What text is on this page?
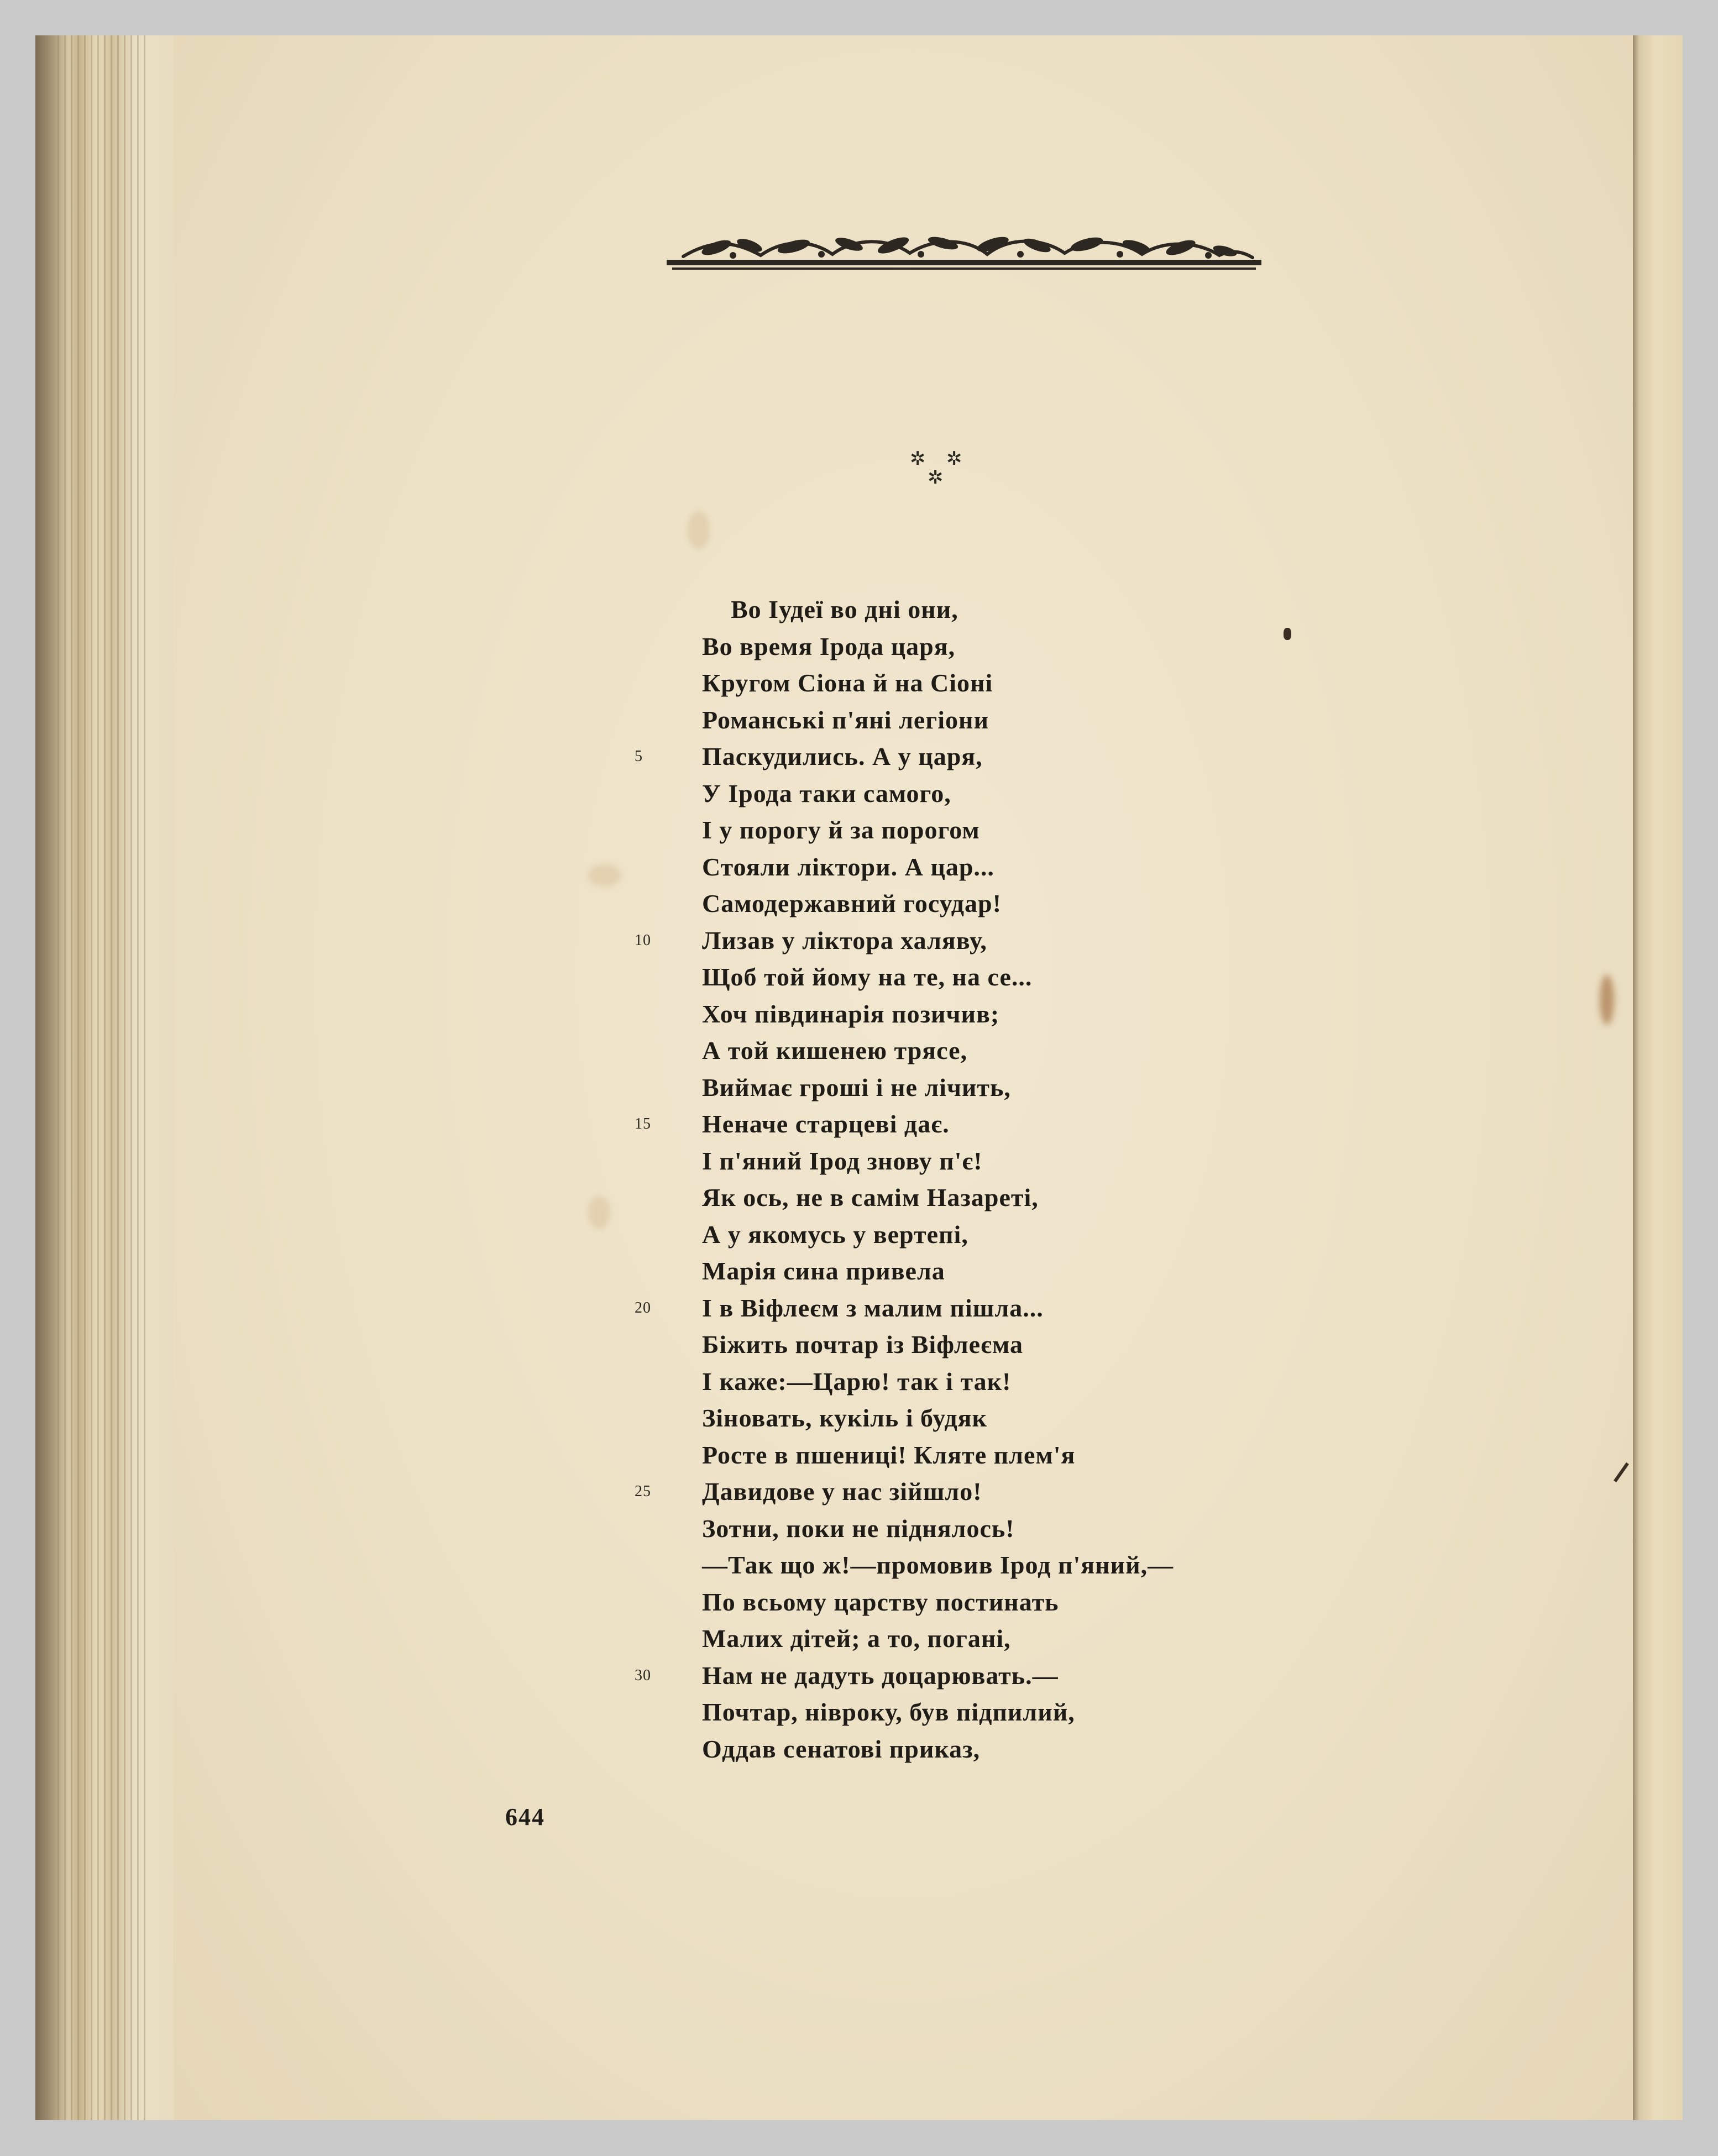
✲ ✲
✲
Во Іудеї во дні они,
Во время Ірода царя,
Кругом Сіона й на Сіоні
Романські п'яні легіони
5	Паскудились. А у царя,
У Ірода таки самого,
І у порогу й за порогом
Стояли ліктори. А цар...
Самодержавний государ!
10	Лизав у ліктора халяву,
Щоб той йому на те, на се...
Хоч півдинарія позичив;
А той кишенею трясе,
Виймає гроші і не лічить,
15	Неначе старцеві дає.
І п'яний Ірод знову п'є!
Як ось, не в самім Назареті,
А у якомусь у вертепі,
Марія сина привела
20	І в Віфлеєм з малим пішла...
Біжить почтар із Віфлеєма
І каже:—Царю! так і так!
Зіновать, кукіль і будяк
Росте в пшениці! Кляте плем'я
25	Давидове у нас зійшло!
Зотни, поки не піднялось!
—Так що ж!—промовив Ірод п'яний,—
По всьому царству постинать
Малих дітей; а то, погані,
30	Нам не дадуть доцарювать.—
Почтар, нівроку, був підпилий,
Оддав сенатові приказ,
644
